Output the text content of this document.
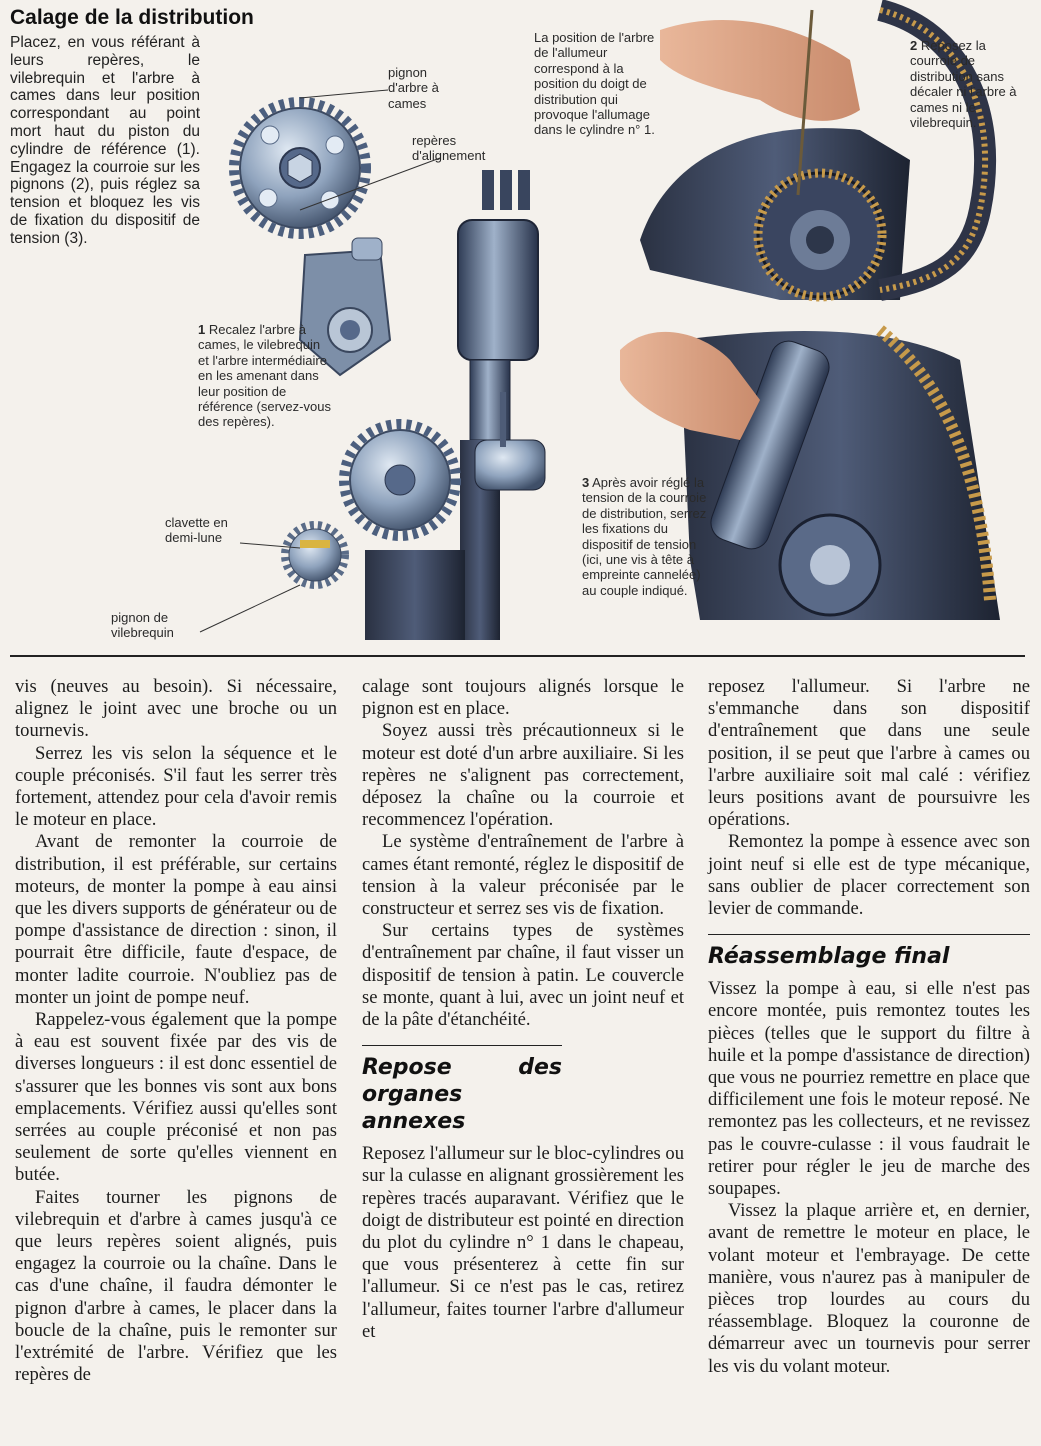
Calage de la distribution
Placez, en vous référant à leurs repères, le vilebrequin et l'arbre à cames dans leur position correspondant au point mort haut du piston du cylindre de référence (1). Engagez la courroie sur les pignons (2), puis réglez sa tension et bloquez les vis de fixation du dispositif de tension (3).
pignon d'arbre à cames
repères d'alignement
La position de l'arbre de l'allumeur correspond à la position du doigt de distribution qui provoque l'allumage dans le cylindre n° 1.
clavette en demi-lune
pignon de vilebrequin
1 Recalez l'arbre à cames, le vilebrequin et l'arbre intermédiaire en les amenant dans leur position de référence (servez-vous des repères).
2 Reposez la courroie de distribution sans décaler ni l'arbre à cames ni le vilebrequin.
3 Après avoir réglé la tension de la courroie de distribution, serrez les fixations du dispositif de tension (ici, une vis à tête à empreinte cannelée) au couple indiqué.

vis (neuves au besoin). Si nécessaire, alignez le joint avec une broche ou un tournevis.

Serrez les vis selon la séquence et le couple préconisés. S'il faut les serrer très fortement, attendez pour cela d'avoir remis le moteur en place.

Avant de remonter la courroie de distribution, il est préférable, sur certains moteurs, de monter la pompe à eau ainsi que les divers supports de générateur ou de pompe d'assistance de direction : sinon, il pourrait être difficile, faute d'espace, de monter ladite courroie. N'oubliez pas de monter un joint de pompe neuf.

Rappelez-vous également que la pompe à eau est souvent fixée par des vis de diverses longueurs : il est donc essentiel de s'assurer que les bonnes vis sont aux bons emplacements. Vérifiez aussi qu'elles sont serrées au couple préconisé et non pas seulement de sorte qu'elles viennent en butée.

Faites tourner les pignons de vilebrequin et d'arbre à cames jusqu'à ce que leurs repères soient alignés, puis engagez la courroie ou la chaîne. Dans le cas d'une chaîne, il faudra démonter le pignon d'arbre à cames, le placer dans la boucle de la chaîne, puis le remonter sur l'extrémité de l'arbre. Vérifiez que les repères de

calage sont toujours alignés lorsque le pignon est en place.

Soyez aussi très précautionneux si le moteur est doté d'un arbre auxiliaire. Si les repères ne s'alignent pas correctement, déposez la chaîne ou la courroie et recommencez l'opération.

Le système d'entraînement de l'arbre à cames étant remonté, réglez le dispositif de tension à la valeur préconisée par le constructeur et serrez ses vis de fixation.

Sur certains types de systèmes d'entraînement par chaîne, il faut visser un dispositif de tension à patin. Le couvercle se monte, quant à lui, avec un joint neuf et de la pâte d'étanchéité.

Repose des organes annexes

Reposez l'allumeur sur le bloc-cylindres ou sur la culasse en alignant grossièrement les repères tracés auparavant. Vérifiez que le doigt de distributeur est pointé en direction du plot du cylindre n° 1 dans le chapeau, que vous présenterez à cette fin sur l'allumeur. Si ce n'est pas le cas, retirez l'allumeur, faites tourner l'arbre d'allumeur et

reposez l'allumeur. Si l'arbre ne s'emmanche dans son dispositif d'entraînement que dans une seule position, il se peut que l'arbre à cames ou l'arbre auxiliaire soit mal calé : vérifiez leurs positions avant de poursuivre les opérations.

Remontez la pompe à essence avec son joint neuf si elle est de type mécanique, sans oublier de placer correctement son levier de commande.

Réassemblage final

Vissez la pompe à eau, si elle n'est pas encore montée, puis remontez toutes les pièces (telles que le support du filtre à huile et la pompe d'assistance de direction) que vous ne pourriez remettre en place que difficilement une fois le moteur reposé. Ne remontez pas les collecteurs, et ne revissez pas le couvre-culasse : il vous faudrait le retirer pour régler le jeu de marche des soupapes.

Vissez la plaque arrière et, en dernier, avant de remettre le moteur en place, le volant moteur et l'embrayage. De cette manière, vous n'aurez pas à manipuler de pièces trop lourdes au cours du réassemblage. Bloquez la couronne de démarreur avec un tournevis pour serrer les vis du volant moteur.
